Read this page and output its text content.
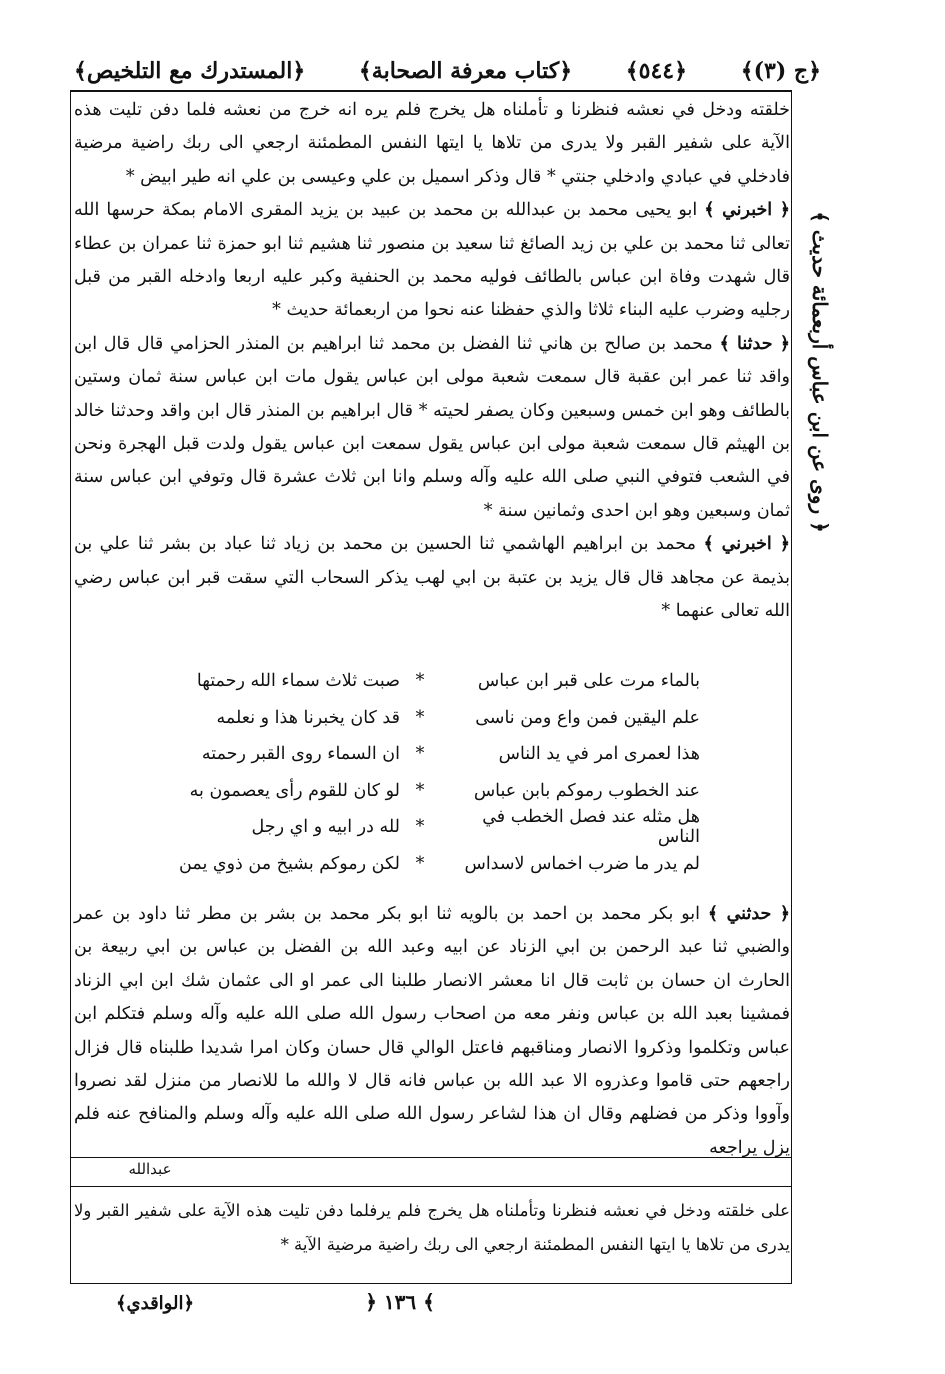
﴿المستدرك مع التلخيص﴾ ﴿كتاب معرفة الصحابة﴾ ﴿٥٤٤﴾ ﴿ج (٣)﴾

خلقته ودخل في نعشه فنظرنا و تأملناه هل يخرج فلم يره انه خرج من نعشه فلما دفن تليت هذه الآية على شفير القبر ولا يدرى من تلاها يا ايتها النفس المطمئنة ارجعي الى ربك راضية مرضية فادخلي في عبادي وادخلي جنتي * قال وذكر اسميل بن علي وعيسى بن علي انه طير ابيض *

﴿ اخبرني ﴾ ابو يحيى محمد بن عبدالله بن محمد بن عبيد بن يزيد المقرى الامام بمكة حرسها الله تعالى ثنا محمد بن علي بن زيد الصائغ ثنا سعيد بن منصور ثنا هشيم ثنا ابو حمزة ثنا عمران بن عطاء قال شهدت وفاة ابن عباس بالطائف فوليه محمد بن الحنفية وكبر عليه اربعا وادخله القبر من قبل رجليه وضرب عليه البناء ثلاثا والذي حفظنا عنه نحوا من اربعمائة حديث *

﴿ حدثنا ﴾ محمد بن صالح بن هاني ثنا الفضل بن محمد ثنا ابراهيم بن المنذر الحزامي قال قال ابن واقد ثنا عمر ابن عقبة قال سمعت شعبة مولى ابن عباس يقول مات ابن عباس سنة ثمان وستين بالطائف وهو ابن خمس وسبعين وكان يصفر لحيته * قال ابراهيم بن المنذر قال ابن واقد وحدثنا خالد بن الهيثم قال سمعت شعبة مولى ابن عباس يقول سمعت ابن عباس يقول ولدت قبل الهجرة ونحن في الشعب فتوفي النبي صلى الله عليه وآله وسلم وانا ابن ثلاث عشرة قال وتوفي ابن عباس سنة ثمان وسبعين وهو ابن احدى وثمانين سنة *

﴿ اخبرني ﴾ محمد بن ابراهيم الهاشمي ثنا الحسين بن محمد بن زياد ثنا عباد بن بشر ثنا علي بن بذيمة عن مجاهد قال قال يزيد بن عتبة بن ابي لهب يذكر السحاب التي سقت قبر ابن عباس رضي الله تعالى عنهما *

صبت ثلاث سماء الله رحمتها *	بالماء مرت على قبر ابن عباس
قد كان يخبرنا هذا و نعلمه *	علم اليقين فمن واع ومن ناسى
ان السماء روى القبر رحمته *	هذا لعمرى امر في يد الناس
لو كان للقوم رأى يعصمون به *	عند الخطوب رموكم بابن عباس
لله در ابيه و اي رجل *	هل مثله عند فصل الخطب في الناس
لكن رموكم بشيخ من ذوي يمن *	لم يدر ما ضرب اخماس لاسداس

﴿ حدثني ﴾ ابو بكر محمد بن احمد بن بالويه ثنا ابو بكر محمد بن بشر بن مطر ثنا داود بن عمر والضبي ثنا عبد الرحمن بن ابي الزناد عن ابيه وعبد الله بن الفضل بن عباس بن ابي ربيعة بن الحارث ان حسان بن ثابت قال انا معشر الانصار طلبنا الى عمر او الى عثمان شك ابن ابي الزناد فمشينا بعبد الله بن عباس ونفر معه من اصحاب رسول الله صلى الله عليه وآله وسلم فتكلم ابن عباس وتكلموا وذكروا الانصار ومناقبهم فاعتل الوالي قال حسان وكان امرا شديدا طلبناه قال فزال راجعهم حتى قاموا وعذروه الا عبد الله بن عباس فانه قال لا والله ما للانصار من منزل لقد نصروا وآووا وذكر من فضلهم وقال ان هذا لشاعر رسول الله صلى الله عليه وآله وسلم والمنافح عنه فلم يزل يراجعه

عبدالله

على خلقته ودخل في نعشه فنظرنا وتأملناه هل يخرج فلم يرفلما دفن تليت هذه الآية على شفير القبر ولا يدرى من تلاها يا ايتها النفس المطمئنة ارجعي الى ربك راضية مرضية الآية *

﴿ روى عن ابن عباس أربعمائة حديث ﴾
﴿ ١٣٦ ﴾
﴿الواقدي﴾
